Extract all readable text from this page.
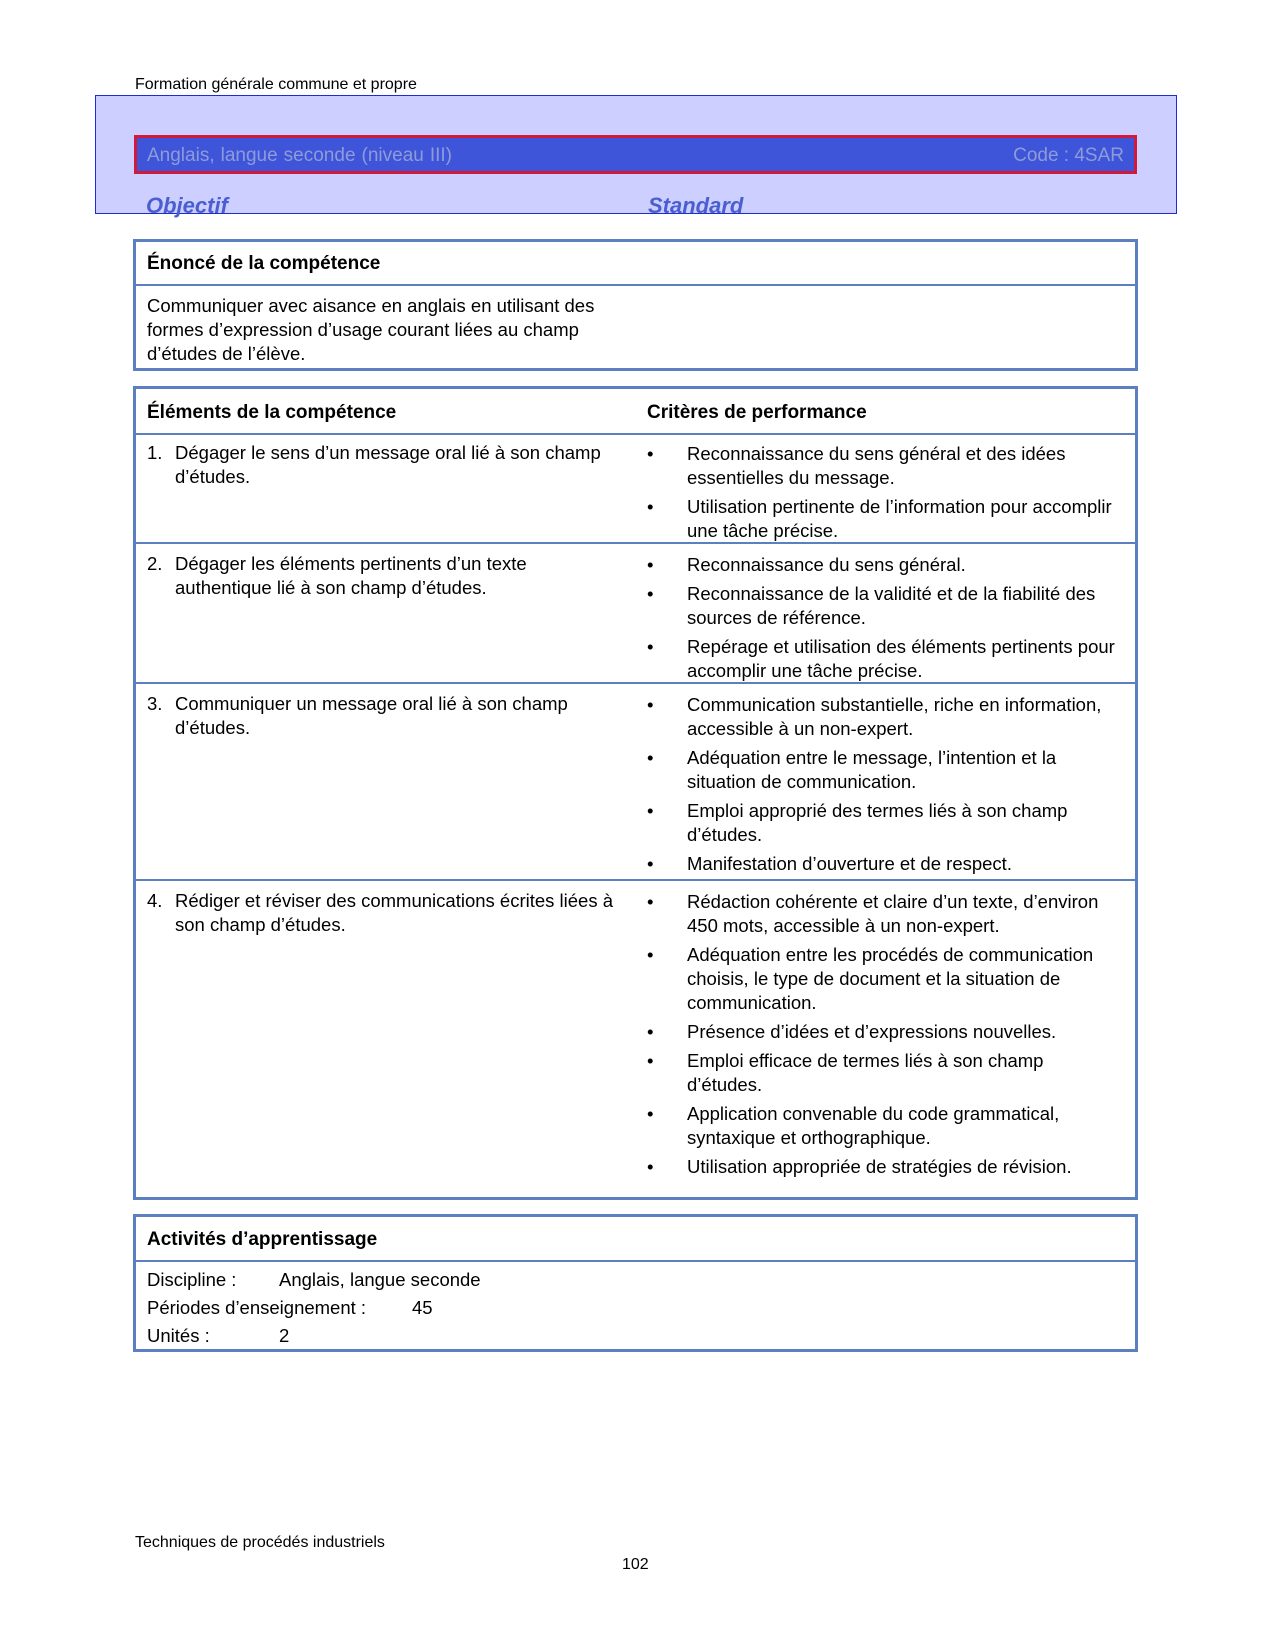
Formation générale commune et propre
Anglais, langue seconde (niveau III)	Code : 4SAR
Objectif	Standard
Énoncé de la compétence
Communiquer avec aisance en anglais en utilisant des formes d’expression d’usage courant liées au champ d’études de l’élève.
Éléments de la compétence	Critères de performance
1. Dégager le sens d’un message oral lié à son champ d’études.
• Reconnaissance du sens général et des idées essentielles du message.
• Utilisation pertinente de l’information pour accomplir une tâche précise.
2. Dégager les éléments pertinents d’un texte authentique lié à son champ d’études.
• Reconnaissance du sens général.
• Reconnaissance de la validité et de la fiabilité des sources de référence.
• Repérage et utilisation des éléments pertinents pour accomplir une tâche précise.
3. Communiquer un message oral lié à son champ d’études.
• Communication substantielle, riche en information, accessible à un non-expert.
• Adéquation entre le message, l’intention et la situation de communication.
• Emploi approprié des termes liés à son champ d’études.
• Manifestation d’ouverture et de respect.
4. Rédiger et réviser des communications écrites liées à son champ d’études.
• Rédaction cohérente et claire d’un texte, d’environ 450 mots, accessible à un non-expert.
• Adéquation entre les procédés de communication choisis, le type de document et la situation de communication.
• Présence d’idées et d’expressions nouvelles.
• Emploi efficace de termes liés à son champ d’études.
• Application convenable du code grammatical, syntaxique et orthographique.
• Utilisation appropriée de stratégies de révision.
Activités d’apprentissage
Discipline : Anglais, langue seconde
Périodes d’enseignement : 45
Unités :	2
Techniques de procédés industriels
102
